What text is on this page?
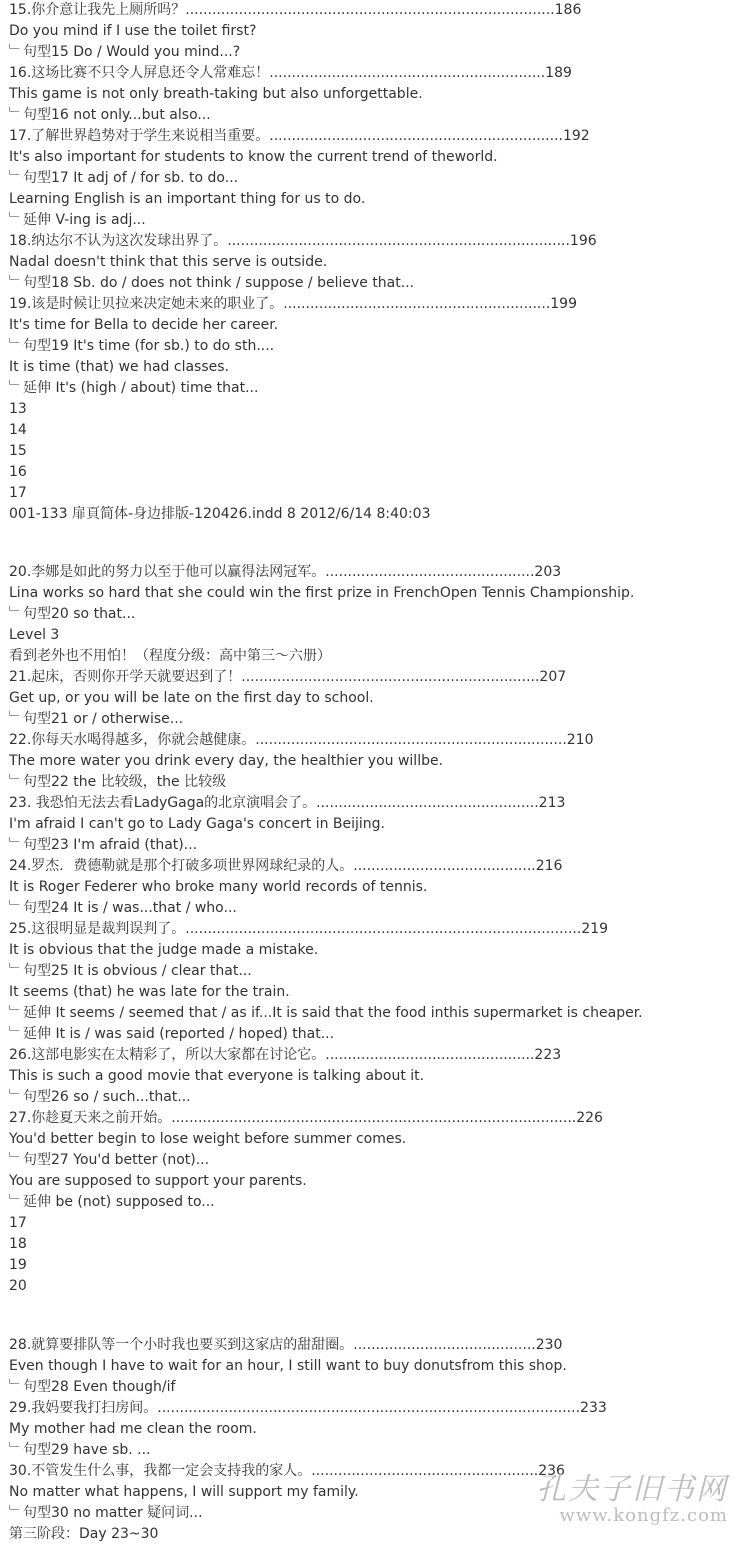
15.你介意让我先上厕所吗？...................................................................................186
Do you mind if I use the toilet first?
﹂句型15 Do / Would you mind...?
16.这场比赛不只令人屏息还令人常难忘！..............................................................189
This game is not only breath-taking but also unforgettable.
﹂句型16 not only...but also...
17.了解世界趋势对于学生来说相当重要。..................................................................192
It's also important for students to know the current trend of theworld.
﹂句型17 It adj of / for sb. to do...
Learning English is an important thing for us to do.
﹂延伸 V-ing is adj...
18.纳达尔不认为这次发球出界了。.............................................................................196
Nadal doesn't think that this serve is outside.
﹂句型18 Sb. do / does not think / suppose / believe that...
19.该是时候让贝拉来决定她未来的职业了。............................................................199
It's time for Bella to decide her career.
﹂句型19 It's time (for sb.) to do sth....
It is time (that) we had classes.
﹂延伸 It's (high / about) time that...
13
14
15
16
17
001-133 扉頁简体-身边排版-120426.indd 8 2012/6/14 8:40:03
20.李娜是如此的努力以至于他可以赢得法网冠军。...............................................203
Lina works so hard that she could win the first prize in FrenchOpen Tennis Championship.
﹂句型20 so that...
Level 3
看到老外也不用怕！（程度分级：高中第三～六册）
21.起床，否则你开学天就要迟到了！...................................................................207
Get up, or you will be late on the first day to school.
﹂句型21 or / otherwise...
22.你每天水喝得越多，你就会越健康。......................................................................210
The more water you drink every day, the healthier you willbe.
﹂句型22 the 比较级，the 比较级
23. 我恐怕无法去看LadyGaga的北京演唱会了。..................................................213
I'm afraid I can't go to Lady Gaga's concert in Beijing.
﹂句型23 I'm afraid (that)...
24.罗杰．费德勒就是那个打破多项世界网球纪录的人。.........................................216
It is Roger Federer who broke many world records of tennis.
﹂句型24 It is / was...that / who...
25.这很明显是裁判误判了。.........................................................................................219
It is obvious that the judge made a mistake.
﹂句型25 It is obvious / clear that...
It seems (that) he was late for the train.
﹂延伸 It seems / seemed that / as if...It is said that the food inthis supermarket is cheaper.
﹂延伸 It is / was said (reported / hoped) that...
26.这部电影实在太精彩了，所以大家都在讨论它。...............................................223
This is such a good movie that everyone is talking about it.
﹂句型26 so / such...that...
27.你趁夏天来之前开始。...........................................................................................226
You'd better begin to lose weight before summer comes.
﹂句型27 You'd better (not)...
You are supposed to support your parents.
﹂延伸 be (not) supposed to...
17
18
19
20
28.就算要排队等一个小时我也要买到这家店的甜甜圈。.........................................230
Even though I have to wait for an hour, I still want to buy donutsfrom this shop.
﹂句型28 Even though/if
29.我妈要我打扫房间。...............................................................................................233
My mother had me clean the room.
﹂句型29 have sb. ...
30.不管发生什么事，我都一定会支持我的家人。...................................................236
No matter what happens, I will support my family.
﹂句型30 no matter 疑问词...
第三阶段：Day 23~30
孔夫子旧书网
www.kongfz.com
